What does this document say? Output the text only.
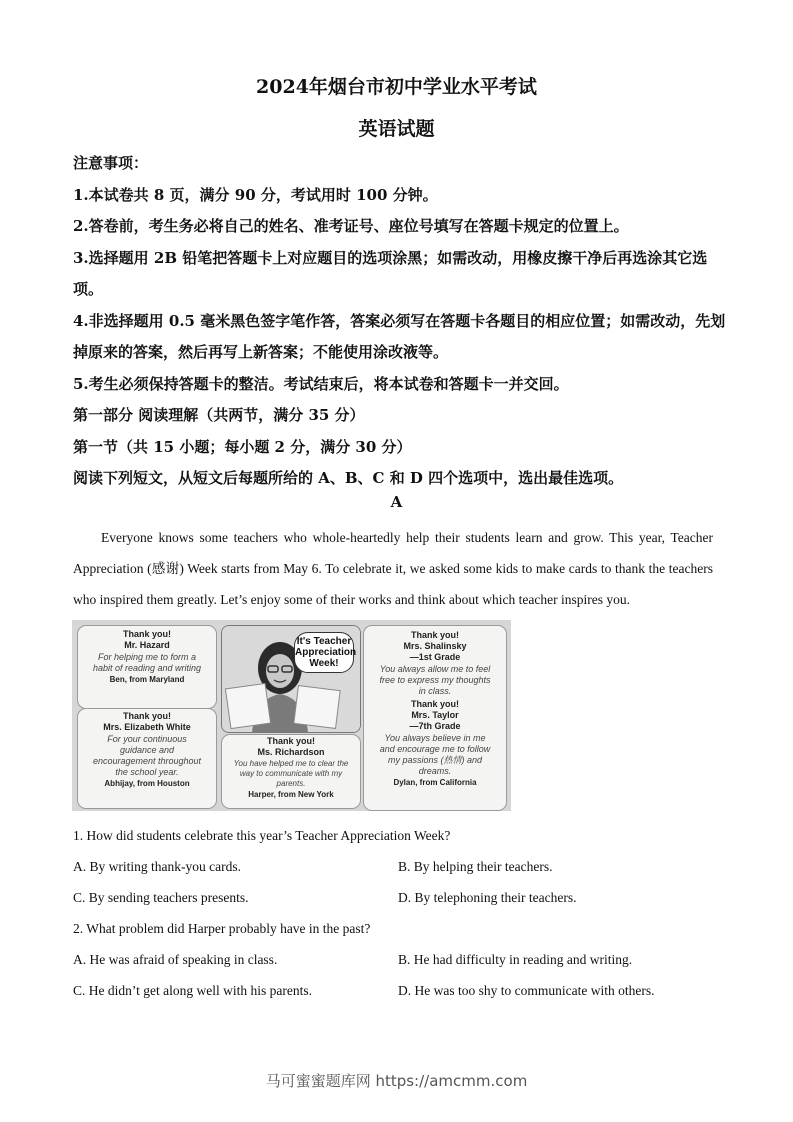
2024年烟台市初中学业水平考试
英语试题

注意事项：

1.本试卷共 8 页，满分 90 分，考试用时 100 分钟。

2.答卷前，考生务必将自己的姓名、准考证号、座位号填写在答题卡规定的位置上。

3.选择题用 2B 铅笔把答题卡上对应题目的选项涂黑；如需改动，用橡皮擦干净后再选涂其它选项。

4.非选择题用 0.5 毫米黑色签字笔作答，答案必须写在答题卡各题目的相应位置；如需改动，先划掉原来的答案，然后再写上新答案；不能使用涂改液等。

5.考生必须保持答题卡的整洁。考试结束后，将本试卷和答题卡一并交回。

第一部分 阅读理解（共两节，满分 35 分）

第一节（共 15 小题；每小题 2 分，满分 30 分）

阅读下列短文，从短文后每题所给的 A、B、C 和 D 四个选项中，选出最佳选项。

A

Everyone knows some teachers who whole-heartedly help their students learn and grow. This year, Teacher Appreciation (感谢) Week starts from May 6. To celebrate it, we asked some kids to make cards to thank the teachers who inspired them greatly. Let’s enjoy some of their works and think about which teacher inspires you.

Thank you!
Mr. Hazard
For helping me to form a habit of reading and writing
Ben, from Maryland
Thank you!
Mrs. Elizabeth White
For your continuous guidance and encouragement throughout the school year.
Abhijay, from Houston
It's Teacher Appreciation Week!
Thank you!
Ms. Richardson
You have helped me to clear the way to communicate with my parents.
Harper, from New York
Thank you!
Mrs. Shalinsky
—1st Grade
You always allow me to feel free to express my thoughts in class.
Thank you!
Mrs. Taylor
—7th Grade
You always believe in me and encourage me to follow my passions (热情) and dreams.
Dylan, from California
1. How did students celebrate this year’s Teacher Appreciation Week?
A. By writing thank-you cards.	B. By helping their teachers.
C. By sending teachers presents.	D. By telephoning their teachers.
2. What problem did Harper probably have in the past?
A. He was afraid of speaking in class.	B. He had difficulty in reading and writing.
C. He didn’t get along well with his parents.	D. He was too shy to communicate with others.
马可蜜蜜题库网 https://amcmm.com
